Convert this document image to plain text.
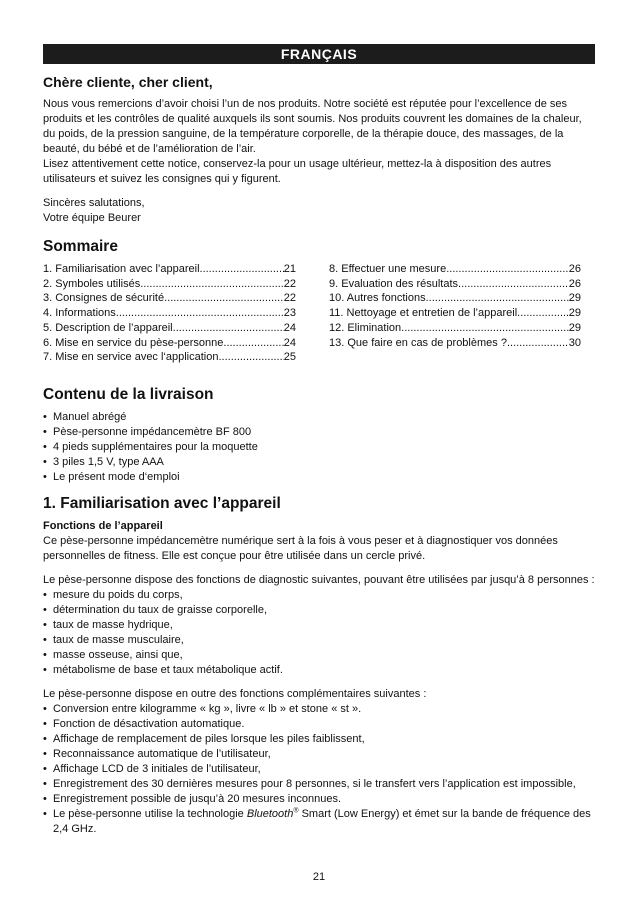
FRANÇAIS
Chère cliente, cher client,

Nous vous remercions d’avoir choisi l’un de nos produits. Notre société est réputée pour l’excellence de ses produits et les contrôles de qualité auxquels ils sont soumis. Nos produits couvrent les domaines de la chaleur, du poids, de la pression sanguine, de la température corporelle, de la thérapie douce, des massages, de la beauté, du bébé et de l’amélioration de l’air.

Lisez attentivement cette notice, conservez-la pour un usage ultérieur, mettez-la à disposition des autres utilisateurs et suivez les consignes qui y figurent.

Sincères salutations,

Votre équipe Beurer

Sommaire
1. Familiarisation avec l’appareil .....	21
2. Symboles utilisés .....	22
3. Consignes de sécurité .....	22
4. Informations .....	23
5. Description de l’appareil .....	24
6. Mise en service du pèse-personne .....	24
7. Mise en service avec l‘application .....	25
8. Effectuer une mesure .....	26
9. Evaluation des résultats .....	26
10. Autres fonctions .....	29
11. Nettoyage et entretien de l’appareil .....	29
12. Elimination .....	29
13. Que faire en cas de problèmes ? .....	30
Contenu de la livraison
• Manuel abrégé
• Pèse-personne impédancemètre BF 800
• 4 pieds supplémentaires pour la moquette
• 3 piles 1,5 V, type AAA
• Le présent mode d‘emploi
1. Familiarisation avec l’appareil
Fonctions de l’appareil

Ce pèse-personne impédancemètre numérique sert à la fois à vous peser et à diagnostiquer vos données personnelles de fitness. Elle est conçue pour être utilisée dans un cercle privé.

Le pèse-personne dispose des fonctions de diagnostic suivantes, pouvant être utilisées par jusqu’à 8 personnes :

• mesure du poids du corps,
• détermination du taux de graisse corporelle,
• taux de masse hydrique,
• taux de masse musculaire,
• masse osseuse, ainsi que,
• métabolisme de base et taux métabolique actif.

Le pèse-personne dispose en outre des fonctions complémentaires suivantes :

• Conversion entre kilogramme « kg », livre « lb » et stone « st ».
• Fonction de désactivation automatique.
• Affichage de remplacement de piles lorsque les piles faiblissent,
• Reconnaissance automatique de l’utilisateur,
• Affichage LCD de 3 initiales de l’utilisateur,
• Enregistrement des 30 dernières mesures pour 8 personnes, si le transfert vers l’application est impossible,
• Enregistrement possible de jusqu’à 20 mesures inconnues.
• Le pèse-personne utilise la technologie Bluetooth® Smart (Low Energy) et émet sur la bande de fréquence des 2,4 GHz.
21
